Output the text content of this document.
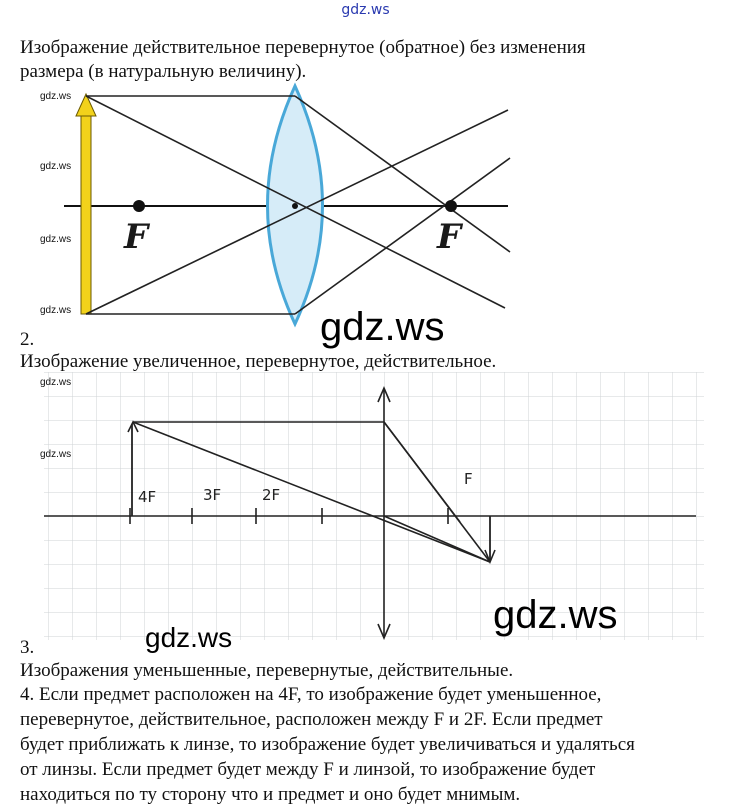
gdz.ws
Изображение действительное перевернутое (обратное) без изменения
размера (в натуральную величину).
F	F
gdz.ws
gdz.ws
gdz.ws
gdz.ws	gdz.ws
2.
Изображение увеличенное, перевернутое, действительное.
4F	3F	2F
F
gdz.ws
gdz.ws
gdz.ws
gdz.ws
3.
Изображения уменьшенные, перевернутые, действительные.
4. Если предмет расположен на 4F, то изображение будет уменьшенное,
перевернутое, действительное, расположен между F и 2F. Если предмет
будет приближать к линзе, то изображение будет увеличиваться и удаляться
от линзы. Если предмет будет между F и линзой, то изображение будет
находиться по ту сторону что и предмет и оно будет мнимым.
